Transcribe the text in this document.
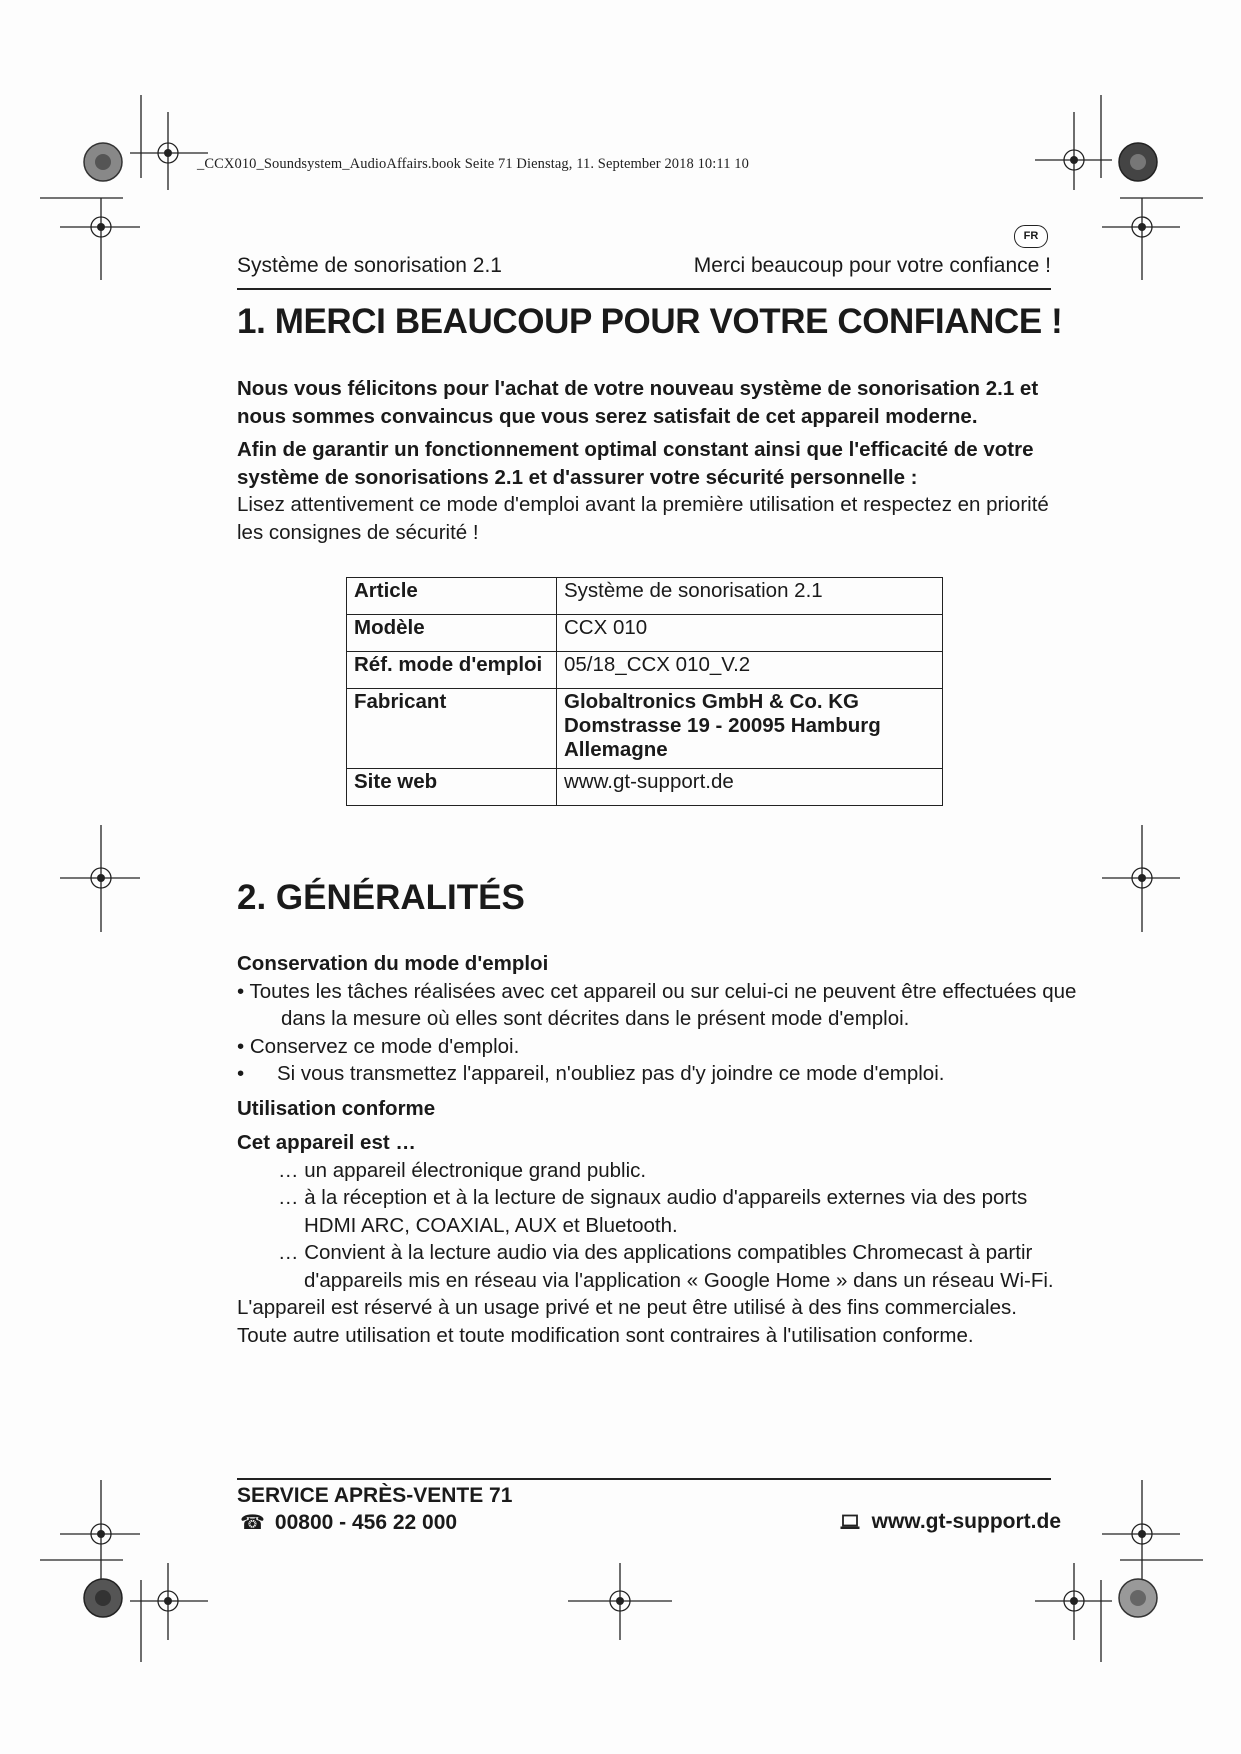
_CCX010_Soundsystem_AudioAffairs.book Seite 71 Dienstag, 11. September 2018 10:11 10
FR
Système de sonorisation 2.1	Merci beaucoup pour votre confiance !
1. MERCI BEAUCOUP POUR VOTRE CONFIANCE !

Nous vous félicitons pour l'achat de votre nouveau système de sonorisation 2.1 et nous sommes convaincus que vous serez satisfait de cet appareil moderne.

Afin de garantir un fonctionnement optimal constant ainsi que l'efficacité de votre système de sonorisations 2.1 et d'assurer votre sécurité personnelle :

Lisez attentivement ce mode d'emploi avant la première utilisation et respectez en priorité les consignes de sécurité !

Article	Système de sonorisation 2.1
Modèle	CCX 010
Réf. mode d'emploi	05/18_CCX 010_V.2
Fabricant	Globaltronics GmbH & Co. KG
Domstrasse 19 - 20095 Hamburg
Allemagne

Site web	www.gt-support.de
2. GÉNÉRALITÉS

Conservation du mode d'emploi

• Toutes les tâches réalisées avec cet appareil ou sur celui-ci ne peuvent être effectuées que dans la mesure où elles sont décrites dans le présent mode d'emploi.

• Conservez ce mode d'emploi.

•	Si vous transmettez l'appareil, n'oubliez pas d'y joindre ce mode d'emploi.

Utilisation conforme

Cet appareil est …

… un appareil électronique grand public.

… à la réception et à la lecture de signaux audio d'appareils externes via des ports HDMI ARC, COAXIAL, AUX et Bluetooth.

… Convient à la lecture audio via des applications compatibles Chromecast à partir d'appareils mis en réseau via l'application « Google Home » dans un réseau Wi-Fi.

L'appareil est réservé à un usage privé et ne peut être utilisé à des fins commerciales.

Toute autre utilisation et toute modification sont contraires à l'utilisation conforme.

SERVICE APRÈS-VENTE 71
☎ 00800 - 456 22 000	www.gt-support.de
